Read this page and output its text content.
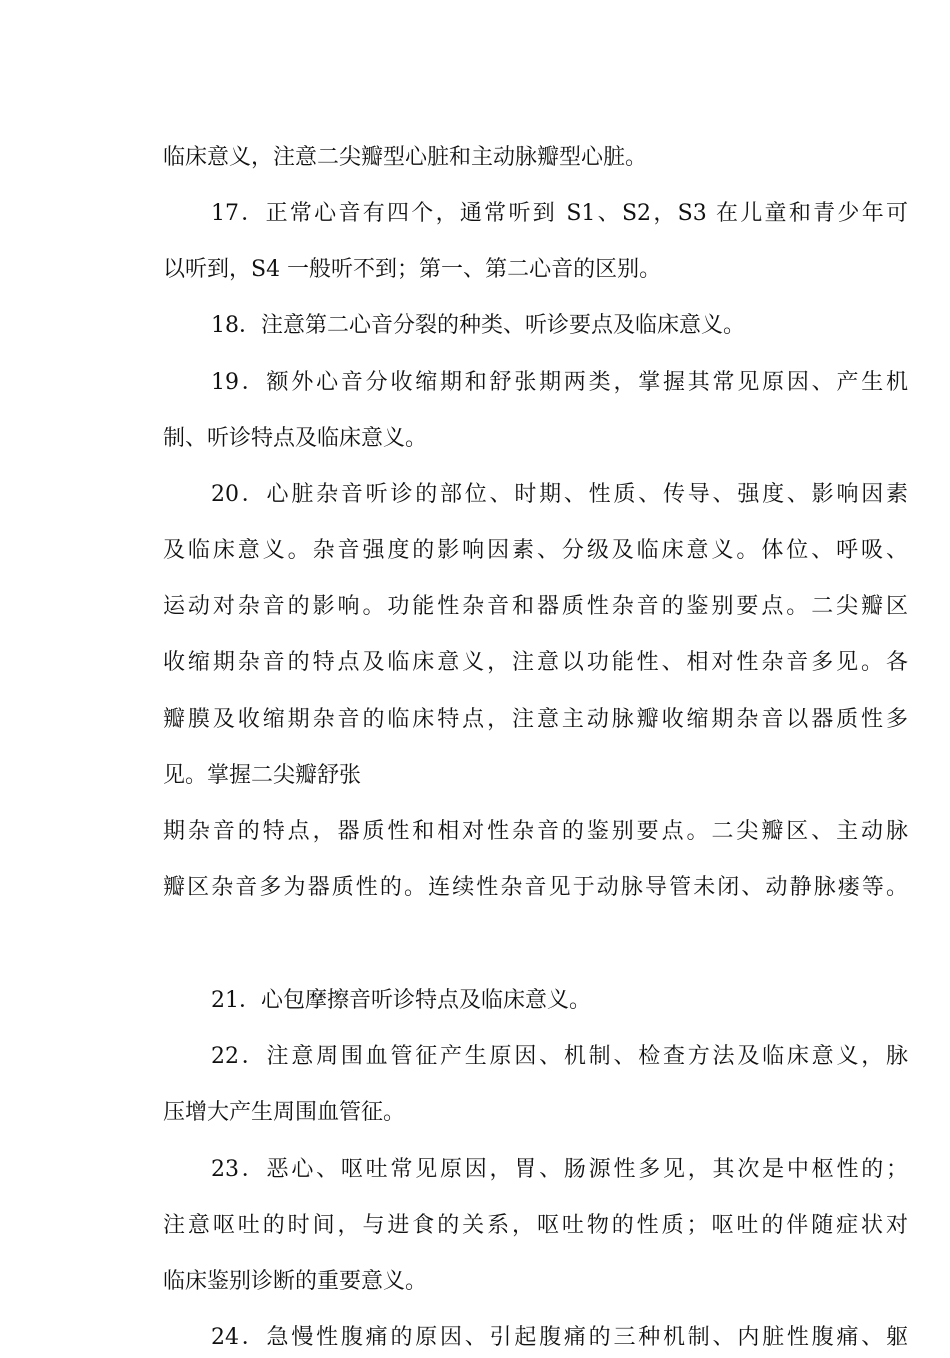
临床意义，注意二尖瓣型心脏和主动脉瓣型心脏。
17．正常心音有四个，通常听到 S1、S2，S3 在儿童和青少年可
以听到，S4 一般听不到；第一、第二心音的区别。
18．注意第二心音分裂的种类、听诊要点及临床意义。
19．额外心音分收缩期和舒张期两类，掌握其常见原因、产生机
制、听诊特点及临床意义。
20．心脏杂音听诊的部位、时期、性质、传导、强度、影响因素
及临床意义。杂音强度的影响因素、分级及临床意义。体位、呼吸、
运动对杂音的影响。功能性杂音和器质性杂音的鉴别要点。二尖瓣区
收缩期杂音的特点及临床意义，注意以功能性、相对性杂音多见。各
瓣膜及收缩期杂音的临床特点，注意主动脉瓣收缩期杂音以器质性多
见。掌握二尖瓣舒张
期杂音的特点，器质性和相对性杂音的鉴别要点。二尖瓣区、主动脉
瓣区杂音多为器质性的。连续性杂音见于动脉导管未闭、动静脉瘘等。
21．心包摩擦音听诊特点及临床意义。
22．注意周围血管征产生原因、机制、检查方法及临床意义，脉
压增大产生周围血管征。
23．恶心、呕吐常见原因，胃、肠源性多见，其次是中枢性的；
注意呕吐的时间，与进食的关系，呕吐物的性质；呕吐的伴随症状对
临床鉴别诊断的重要意义。
24．急慢性腹痛的原因、引起腹痛的三种机制、内脏性腹痛、躯
